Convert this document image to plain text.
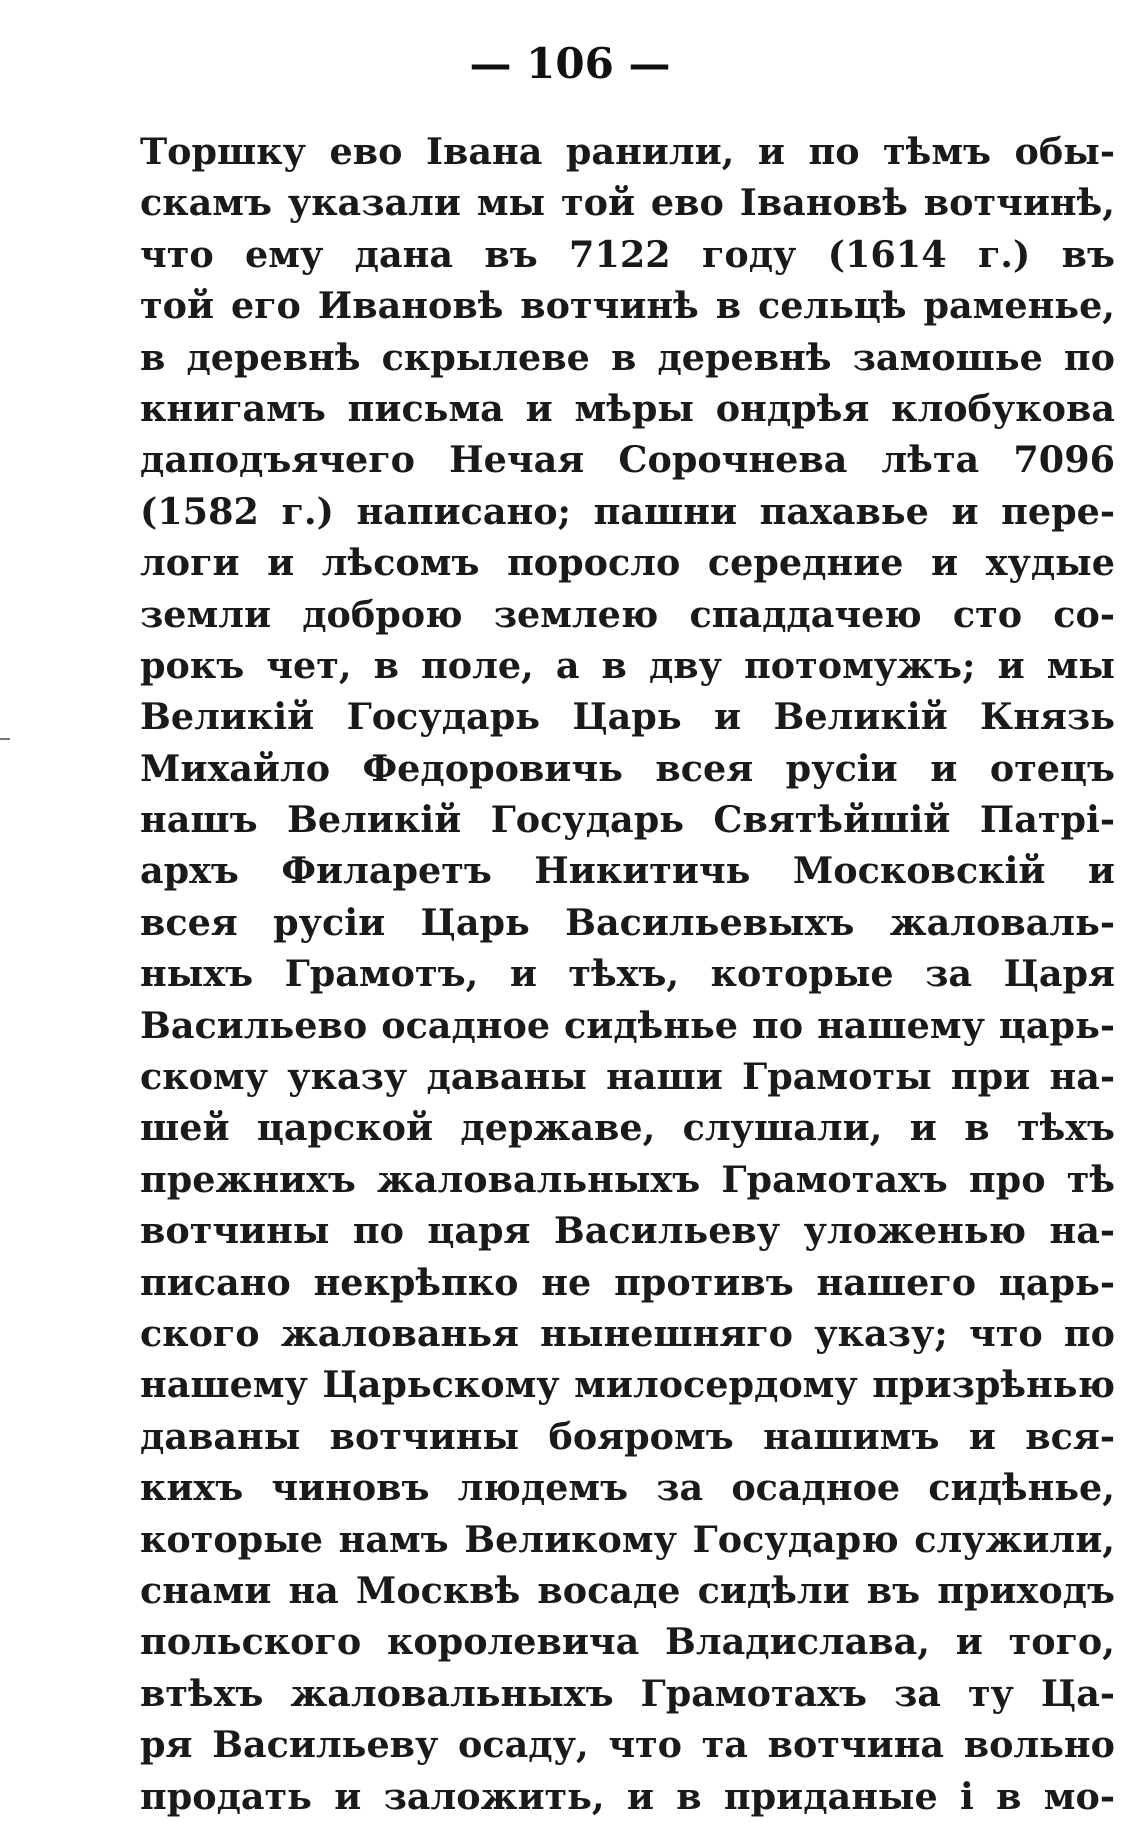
— 106 —
Торшку ево Івана ранили, и по тѣмъ обы-
скамъ указали мы той ево Івановѣ вотчинѣ,
что ему дана въ 7122 году (1614 г.) въ
той его Ивановѣ вотчинѣ в сельцѣ раменье,
в деревнѣ скрылеве в деревнѣ замошье по
книгамъ письма и мѣры ондрѣя клобукова
даподъячего Нечая Сорочнева лѣта 7096
(1582 г.) написано; пашни пахавье и пере-
логи и лѣсомъ поросло середние и худые
земли доброю землею спаддачею сто со-
рокъ чет, в поле, а в дву потомужъ; и мы
Великій Государь Царь и Великій Князь
Михайло Федоровичь всея русіи и отецъ
нашъ Великій Государь Святѣйшій Патрі-
архъ Филаретъ Никитичь Московскій и
всея русіи Царь Васильевыхъ жаловаль-
ныхъ Грамотъ, и тѣхъ, которые за Царя
Васильево осадное сидѣнье по нашему царь-
скому указу даваны наши Грамоты при на-
шей царской державе, слушали, и в тѣхъ
прежнихъ жаловальныхъ Грамотахъ про тѣ
вотчины по царя Васильеву уложенью на-
писано некрѣпко не противъ нашего царь-
ского жалованья нынешняго указу; что по
нашему Царьскому милосердому призрѣнью
даваны вотчины бояромъ нашимъ и вся-
кихъ чиновъ людемъ за осадное сидѣнье,
которые намъ Великому Государю служили,
снами на Москвѣ восаде сидѣли въ приходъ
польского королевича Владислава, и того,
втѣхъ жаловальныхъ Грамотахъ за ту Ца-
ря Васильеву осаду, что та вотчина вольно
продать и заложить, и в приданые і в мо-
